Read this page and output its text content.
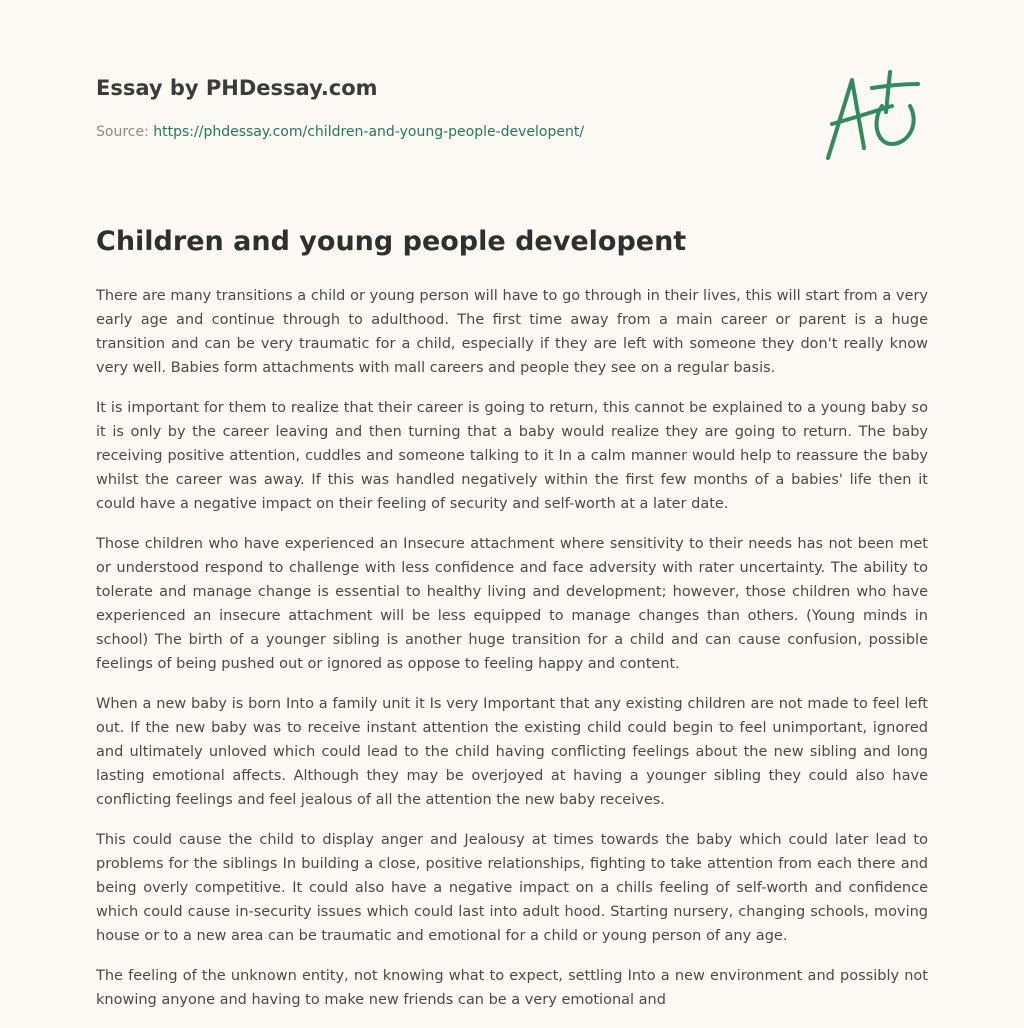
Essay by PHDessay.com
Source: https://phdessay.com/children-and-young-people-developent/
Children and young people developent

There are many transitions a child or young person will have to go through in their lives, this will start from a very early age and continue through to adulthood. The first time away from a main career or parent is a huge transition and can be very traumatic for a child, especially if they are left with someone they don't really know very well. Babies form attachments with mall careers and people they see on a regular basis.

It is important for them to realize that their career is going to return, this cannot be explained to a young baby so it is only by the career leaving and then turning that a baby would realize they are going to return. The baby receiving positive attention, cuddles and someone talking to it In a calm manner would help to reassure the baby whilst the career was away. If this was handled negatively within the first few months of a babies' life then it could have a negative impact on their feeling of security and self-worth at a later date.

Those children who have experienced an Insecure attachment where sensitivity to their needs has not been met or understood respond to challenge with less confidence and face adversity with rater uncertainty. The ability to tolerate and manage change is essential to healthy living and development; however, those children who have experienced an insecure attachment will be less equipped to manage changes than others. (Young minds in school) The birth of a younger sibling is another huge transition for a child and can cause confusion, possible feelings of being pushed out or ignored as oppose to feeling happy and content.

When a new baby is born Into a family unit it Is very Important that any existing children are not made to feel left out. If the new baby was to receive instant attention the existing child could begin to feel unimportant, ignored and ultimately unloved which could lead to the child having conflicting feelings about the new sibling and long lasting emotional affects. Although they may be overjoyed at having a younger sibling they could also have conflicting feelings and feel jealous of all the attention the new baby receives.

This could cause the child to display anger and Jealousy at times towards the baby which could later lead to problems for the siblings In building a close, positive relationships, fighting to take attention from each there and being overly competitive. It could also have a negative impact on a chills feeling of self-worth and confidence which could cause in-security issues which could last into adult hood. Starting nursery, changing schools, moving house or to a new area can be traumatic and emotional for a child or young person of any age.

The feeling of the unknown entity, not knowing what to expect, settling Into a new environment and possibly not knowing anyone and having to make new friends can be a very emotional and
